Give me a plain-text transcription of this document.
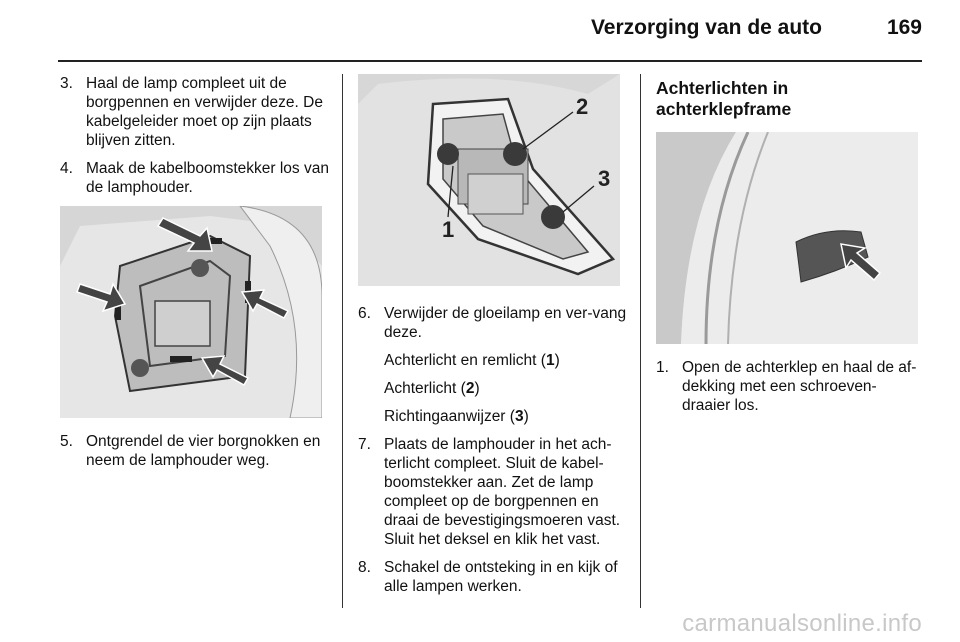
Verzorging van de auto	169
3. Haal de lamp compleet uit de borgpennen en verwijder deze. De kabelgeleider moet op zijn plaats blijven zitten.
4. Maak de kabelboomstekker los van de lamphouder.
5. Ontgrendel de vier borgnokken en neem de lamphouder weg.
2
3
1
6. Verwijder de gloeilamp en ver-vang deze.
Achterlicht en remlicht (1)
Achterlicht (2)
Richtingaanwijzer (3)
7. Plaats de lamphouder in het ach-terlicht compleet. Sluit de kabel-boomstekker aan. Zet de lamp compleet op de borgpennen en draai de bevestigingsmoeren vast. Sluit het deksel en klik het vast.
8. Schakel de ontsteking in en kijk of alle lampen werken.
Achterlichten in achterklepframe
1. Open de achterklep en haal de af-dekking met een schroeven-draaier los.
carmanualsonline.info
